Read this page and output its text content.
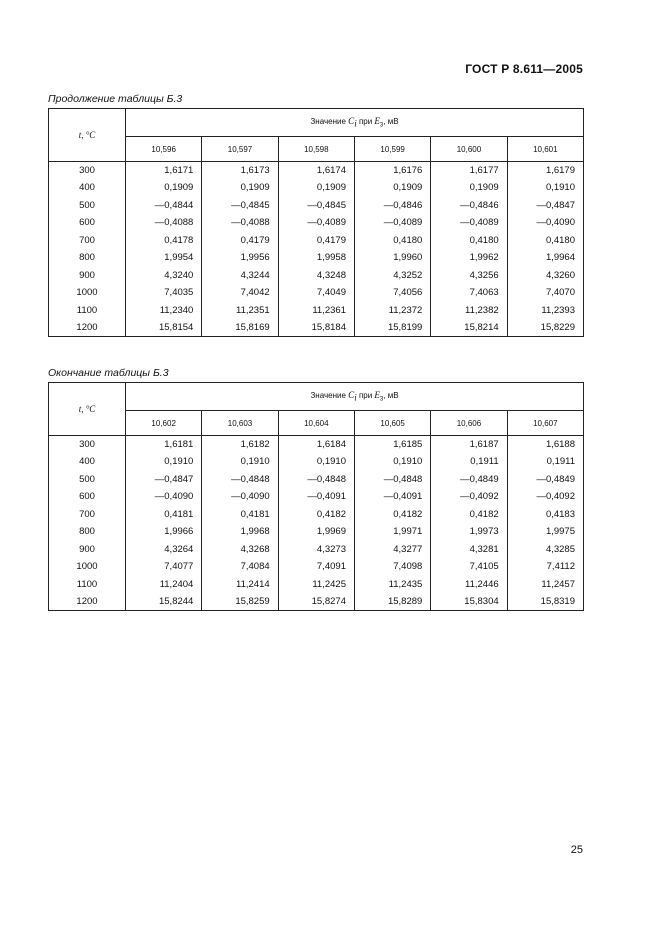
ГОСТ Р 8.611—2005
Продолжение таблицы Б.3
t, °C	Значение $C_i$ при $E_3$, мВ					
	10,596	10,597	10,598	10,599	10,600	10,601
300	1,6171	1,6173	1,6174	1,6176	1,6177	1,6179
400	0,1909	0,1909	0,1909	0,1909	0,1909	0,1910
500	—0,4844	—0,4845	—0,4845	—0,4846	—0,4846	—0,4847
600	—0,4088	—0,4088	—0,4089	—0,4089	—0,4089	—0,4090
700	0,4178	0,4179	0,4179	0,4180	0,4180	0,4180
800	1,9954	1,9956	1,9958	1,9960	1,9962	1,9964
900	4,3240	4,3244	4,3248	4,3252	4,3256	4,3260
1000	7,4035	7,4042	7,4049	7,4056	7,4063	7,4070
1100	11,2340	11,2351	11,2361	11,2372	11,2382	11,2393
1200	15,8154	15,8169	15,8184	15,8199	15,8214	15,8229
Окончание таблицы Б.3
t, °C	Значение $C_i$ при $E_3$, мВ					
	10,602	10,603	10,604	10,605	10,606	10,607
300	1,6181	1,6182	1,6184	1,6185	1,6187	1,6188
400	0,1910	0,1910	0,1910	0,1910	0,1911	0,1911
500	—0,4847	—0,4848	—0,4848	—0,4848	—0,4849	—0,4849
600	—0,4090	—0,4090	—0,4091	—0,4091	—0,4092	—0,4092
700	0,4181	0,4181	0,4182	0,4182	0,4182	0,4183
800	1,9966	1,9968	1,9969	1,9971	1,9973	1,9975
900	4,3264	4,3268	4,3273	4,3277	4,3281	4,3285
1000	7,4077	7,4084	7,4091	7,4098	7,4105	7,4112
1100	11,2404	11,2414	11,2425	11,2435	11,2446	11,2457
1200	15,8244	15,8259	15,8274	15,8289	15,8304	15,8319
25
